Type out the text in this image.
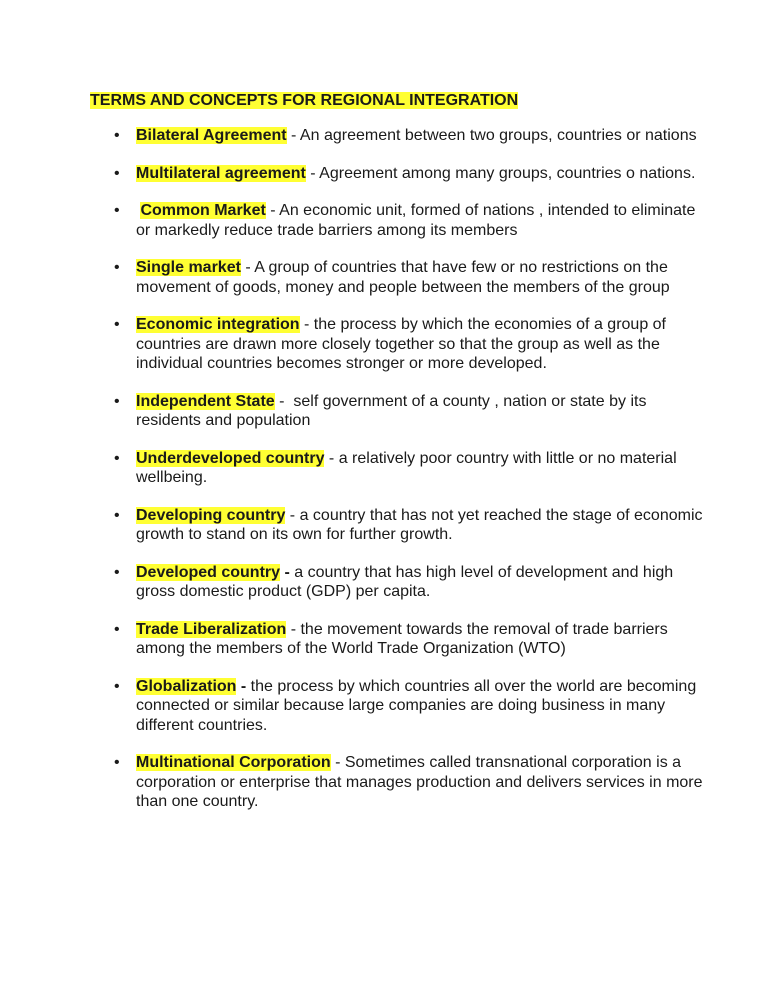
TERMS AND CONCEPTS FOR REGIONAL INTEGRATION
• Bilateral Agreement - An agreement between two groups, countries or nations
• Multilateral agreement - Agreement among many groups, countries o nations.
• Common Market - An economic unit, formed of nations , intended to eliminate or markedly reduce trade barriers among its members
• Single market - A group of countries that have few or no restrictions on the movement of goods, money and people between the members of the group
• Economic integration - the process by which the economies of a group of countries are drawn more closely together so that the group as well as the individual countries becomes stronger or more developed.
• Independent State -  self government of a county , nation or state by its residents and population
• Underdeveloped country - a relatively poor country with little or no material wellbeing.
• Developing country - a country that has not yet reached the stage of economic growth to stand on its own for further growth.
• Developed country - a country that has high level of development and high gross domestic product (GDP) per capita.
• Trade Liberalization - the movement towards the removal of trade barriers among the members of the World Trade Organization (WTO)
• Globalization - the process by which countries all over the world are becoming connected or similar because large companies are doing business in many different countries.
• Multinational Corporation - Sometimes called transnational corporation is a corporation or enterprise that manages production and delivers services in more than one country.
